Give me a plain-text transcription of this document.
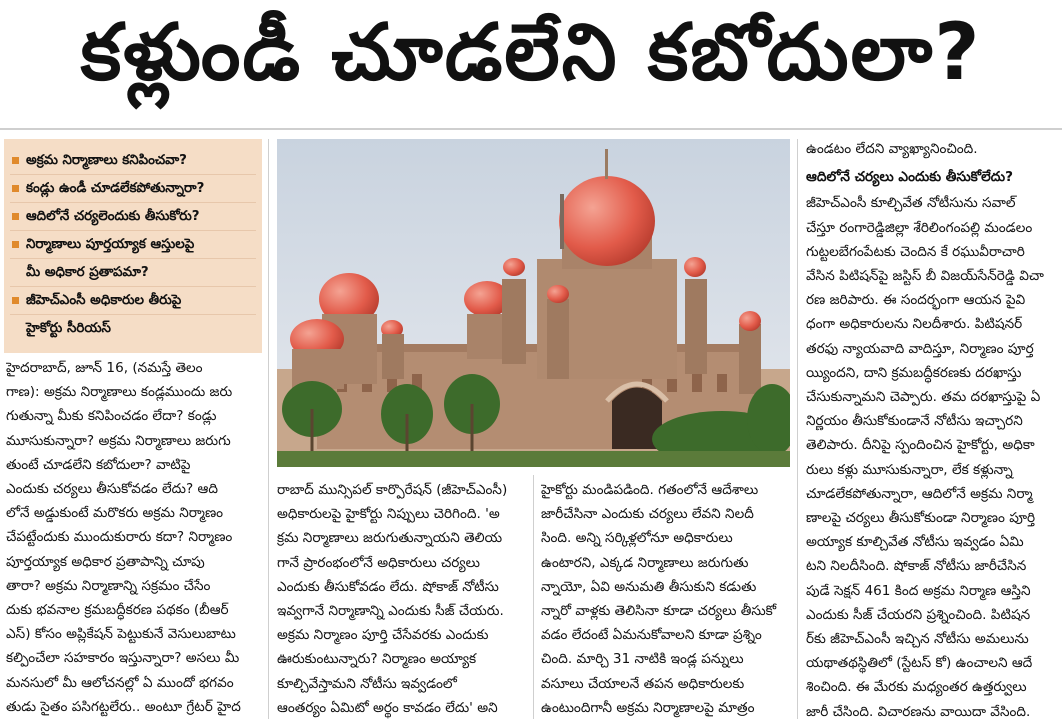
కళ్లుండీ చూడలేని కబోదులా?
అక్రమ నిర్మాణాలు కనిపించవా?
కండ్లు ఉండీ చూడలేకపోతున్నారా?
ఆదిలోనే చర్యలెందుకు తీసుకోరు?
నిర్మాణాలు పూర్తయ్యాక ఆస్తులపై
మీ అధికార ప్రతాపమా?
జీహెచ్‌ఎంసీ అధికారుల తీరుపై
హైకోర్టు సీరియస్
హైదరాబాద్, జూన్ 16, (నమస్తే తెలం
గాణ): అక్రమ నిర్మాణాలు కండ్లముందు జరు
గుతున్నా మీకు కనిపించడం లేదా? కండ్లు
మూసుకున్నారా? అక్రమ నిర్మాణాలు జరుగు
తుంటే చూడలేని కబోదులా? వాటిపై
ఎందుకు చర్యలు తీసుకోవడం లేదు? ఆది
లోనే అడ్డుకుంటే మరొకరు అక్రమ నిర్మాణం
చేపట్టేందుకు ముందుకురారు కదా? నిర్మాణం
పూర్తయ్యాక అధికార ప్రతాపాన్ని చూపు
తారా? అక్రమ నిర్మాణాన్ని సక్రమం చేసేం
దుకు భవనాల క్రమబద్ధీకరణ పథకం (బీఆర్
ఎస్) కోసం అప్లికేషన్ పెట్టుకునే వెసులుబాటు
కల్పించేలా సహకారం ఇస్తున్నారా? అసలు మీ
మనసులో మీ ఆలోచనల్లో ఏ ముందో భగవం
తుడు సైతం పసిగట్టలేరు.. అంటూ గ్రేటర్ హైద
రాబాద్ మున్సిపల్ కార్పొరేషన్ (జీహెచ్‌ఎంసీ)
అధికారులపై హైకోర్టు నిప్పులు చెరిగింది. 'అ
క్రమ నిర్మాణాలు జరుగుతున్నాయని తెలియ
గానే ప్రారంభంలోనే అధికారులు చర్యలు
ఎందుకు తీసుకోవడం లేదు. షోకాజ్ నోటీసు
ఇవ్వగానే నిర్మాణాన్ని ఎందుకు సీజ్ చేయరు.
అక్రమ నిర్మాణం పూర్తి చేసేవరకు ఎందుకు
ఊరుకుంటున్నారు? నిర్మాణం అయ్యాక
కూల్చివేస్తామని నోటీసు ఇవ్వడంలో
ఆంతర్యం ఏమిటో అర్థం కావడం లేదు' అని
హైకోర్టు మండిపడింది. గతంలోనే ఆదేశాలు
జారీచేసినా ఎందుకు చర్యలు లేవని నిలదీ
సింది. అన్ని సర్కిళ్లలోనూ అధికారులు
ఉంటారని, ఎక్కడ నిర్మాణాలు జరుగుతు
న్నాయో, ఏవి అనుమతి తీసుకుని కడుతు
న్నారో వాళ్లకు తెలిసినా కూడా చర్యలు తీసుకో
వడం లేదంటే ఏమనుకోవాలని కూడా ప్రశ్నిం
చింది. మార్చి 31 నాటికి ఇండ్ల పన్నులు
వసూలు చేయాలనే తపన అధికారులకు
ఉంటుందిగానీ అక్రమ నిర్మాణాలపై మాత్రం
ఉండటం లేదని వ్యాఖ్యానించింది.
ఆదిలోనే చర్యలు ఎందుకు తీసుకోలేదు?
జీహెచ్‌ఎంసీ కూల్చివేత నోటీసును సవాల్
చేస్తూ రంగారెడ్డిజిల్లా శేరిలింగంపల్లి మండలం
గుట్టలబేగంపేటకు చెందిన కే రఘువీరాచారి
వేసిన పిటిషన్‌పై జస్టిస్ బీ విజయ్‌సేన్‌రెడ్డి విచా
రణ జరిపారు. ఈ సందర్భంగా ఆయన పైవి
ధంగా అధికారులను నిలదీశారు. పిటిషనర్
తరఫు న్యాయవాది వాదిస్తూ, నిర్మాణం పూర్త
య్యిందని, దాని క్రమబద్ధీకరణకు దరఖాస్తు
చేసుకున్నామని చెప్పారు. తమ దరఖాస్తుపై ఏ
నిర్ణయం తీసుకోకుండానే నోటీసు ఇచ్చారని
తెలిపారు. దీనిపై స్పందించిన హైకోర్టు, అధికా
రులు కళ్లు మూసుకున్నారా, లేక కళ్లున్నా
చూడలేకపోతున్నారా, ఆదిలోనే అక్రమ నిర్మా
ణాలపై చర్యలు తీసుకోకుండా నిర్మాణం పూర్తి
అయ్యాక కూల్చివేత నోటీసు ఇవ్వడం ఏమి
టని నిలదీసింది. షోకాజ్ నోటీసు జారీచేసిన
పుడే సెక్షన్ 461 కింద అక్రమ నిర్మాణ ఆస్తిని
ఎందుకు సీజ్ చేయరని ప్రశ్నించింది. పిటిషన
ర్‌కు జీహెచ్‌ఎంసీ ఇచ్చిన నోటీసు అమలును
యథాతథస్థితిలో (స్టేటస్ కో) ఉంచాలని ఆదే
శించింది. ఈ మేరకు మధ్యంతర ఉత్తర్వులు
జారీ చేసింది. విచారణను వాయిదా వేసింది.
